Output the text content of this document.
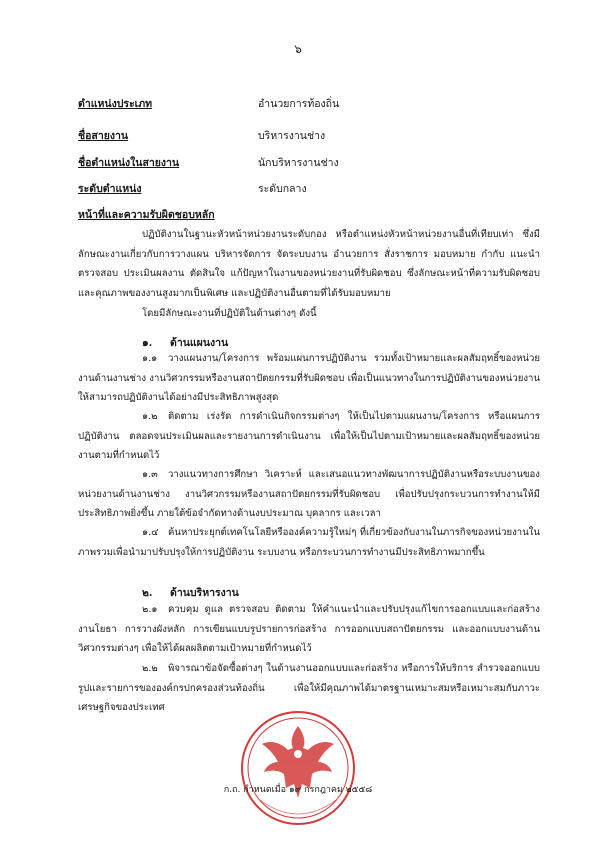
๖
ตำแหน่งประเภท	อำนวยการท้องถิ่น
ชื่อสายงาน	บริหารงานช่าง
ชื่อตำแหน่งในสายงาน	นักบริหารงานช่าง
ระดับตำแหน่ง	ระดับกลาง
หน้าที่และความรับผิดชอบหลัก
ปฏิบัติงานในฐานะหัวหน้าหน่วยงานระดับกอง หรือตำแหน่งหัวหน้าหน่วยงานอื่นที่เทียบเท่า ซึ่งมีลักษณะงานเกี่ยวกับการวางแผน บริหารจัดการ จัดระบบงาน อำนวยการ สั่งราชการ มอบหมาย กำกับ แนะนำ ตรวจสอบ ประเมินผลงาน ตัดสินใจ แก้ปัญหาในงานของหน่วยงานที่รับผิดชอบ ซึ่งลักษณะหน้าที่ความรับผิดชอบและคุณภาพของงานสูงมากเป็นพิเศษ และปฏิบัติงานอื่นตามที่ได้รับมอบหมาย
โดยมีลักษณะงานที่ปฏิบัติในด้านต่างๆ ดังนี้
๑. ด้านแผนงาน
๑.๑ วางแผนงาน/โครงการ พร้อมแผนการปฏิบัติงาน รวมทั้งเป้าหมายและผลสัมฤทธิ์ของหน่วยงานด้านงานช่าง งานวิศวกรรมหรืองานสถาปัตยกรรมที่รับผิดชอบ เพื่อเป็นแนวทางในการปฏิบัติงานของหน่วยงานให้สามารถปฏิบัติงานได้อย่างมีประสิทธิภาพสูงสุด
๑.๒ ติดตาม เร่งรัด การดำเนินกิจกรรมต่างๆ ให้เป็นไปตามแผนงาน/โครงการ หรือแผนการปฏิบัติงาน ตลอดจนประเมินผลและรายงานการดำเนินงาน เพื่อให้เป็นไปตามเป้าหมายและผลสัมฤทธิ์ของหน่วยงานตามที่กำหนดไว้
๑.๓ วางแนวทางการศึกษา วิเคราะห์ และเสนอแนวทางพัฒนาการปฏิบัติงานหรือระบบงานของหน่วยงานด้านงานช่าง งานวิศวกรรมหรืองานสถาปัตยกรรมที่รับผิดชอบ เพื่อปรับปรุงกระบวนการทำงานให้มีประสิทธิภาพยิ่งขึ้น ภายใต้ข้อจำกัดทางด้านงบประมาณ บุคลากร และเวลา
๑.๔ ค้นหาประยุกต์เทคโนโลยีหรือองค์ความรู้ใหม่ๆ ที่เกี่ยวข้องกับงานในภารกิจของหน่วยงานในภาพรวมเพื่อนำมาปรับปรุงให้การปฏิบัติงาน ระบบงาน หรือกระบวนการทำงานมีประสิทธิภาพมากขึ้น
๒. ด้านบริหารงาน
๒.๑ ควบคุม ดูแล ตรวจสอบ ติดตาม ให้คำแนะนำและปรับปรุงแก้ไขการออกแบบและก่อสร้างงานโยธา การวางผังหลัก การเขียนแบบรูปรายการก่อสร้าง การออกแบบสถาปัตยกรรม และออกแบบงานด้านวิศวกรรมต่างๆ เพื่อให้ได้ผลผลิตตามเป้าหมายที่กำหนดไว้
๒.๒ พิจารณาข้อจัดซื้อต่างๆ ในด้านงานออกแบบและก่อสร้าง หรือการให้บริการ สำรวจออกแบบ รูปและรายการขององค์กรปกครองส่วนท้องถิ่น เพื่อให้มีคุณภาพได้มาตรฐานเหมาะสมหรือเหมาะสมกับภาวะเศรษฐกิจของประเทศ
ก.ถ. กำหนดเมื่อ ๑๙ กรกฎาคม ๒๕๕๘
